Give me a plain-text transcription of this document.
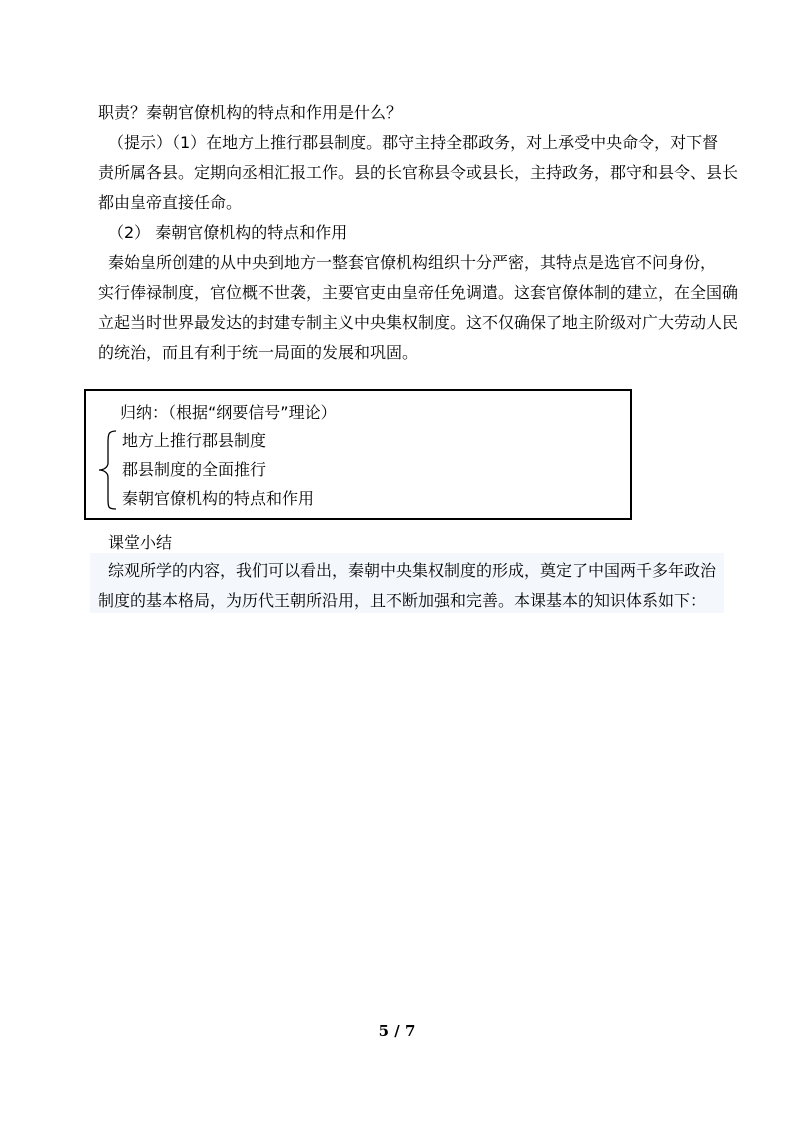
职责？秦朝官僚机构的特点和作用是什么？
（提示）（1）在地方上推行郡县制度。郡守主持全郡政务，对上承受中央命令，对下督
责所属各县。定期向丞相汇报工作。县的长官称县令或县长，主持政务，郡守和县令、县长
都由皇帝直接任命。
（2） 秦朝官僚机构的特点和作用
秦始皇所创建的从中央到地方一整套官僚机构组织十分严密，其特点是选官不问身份，
实行俸禄制度，官位概不世袭，主要官吏由皇帝任免调遣。这套官僚体制的建立，在全国确
立起当时世界最发达的封建专制主义中央集权制度。这不仅确保了地主阶级对广大劳动人民
的统治，而且有利于统一局面的发展和巩固。
归纳：（根据“纲要信号”理论）
地方上推行郡县制度
郡县制度的全面推行
秦朝官僚机构的特点和作用
课堂小结
综观所学的内容，我们可以看出，秦朝中央集权制度的形成，奠定了中国两千多年政治
制度的基本格局，为历代王朝所沿用，且不断加强和完善。本课基本的知识体系如下：
5 / 7
